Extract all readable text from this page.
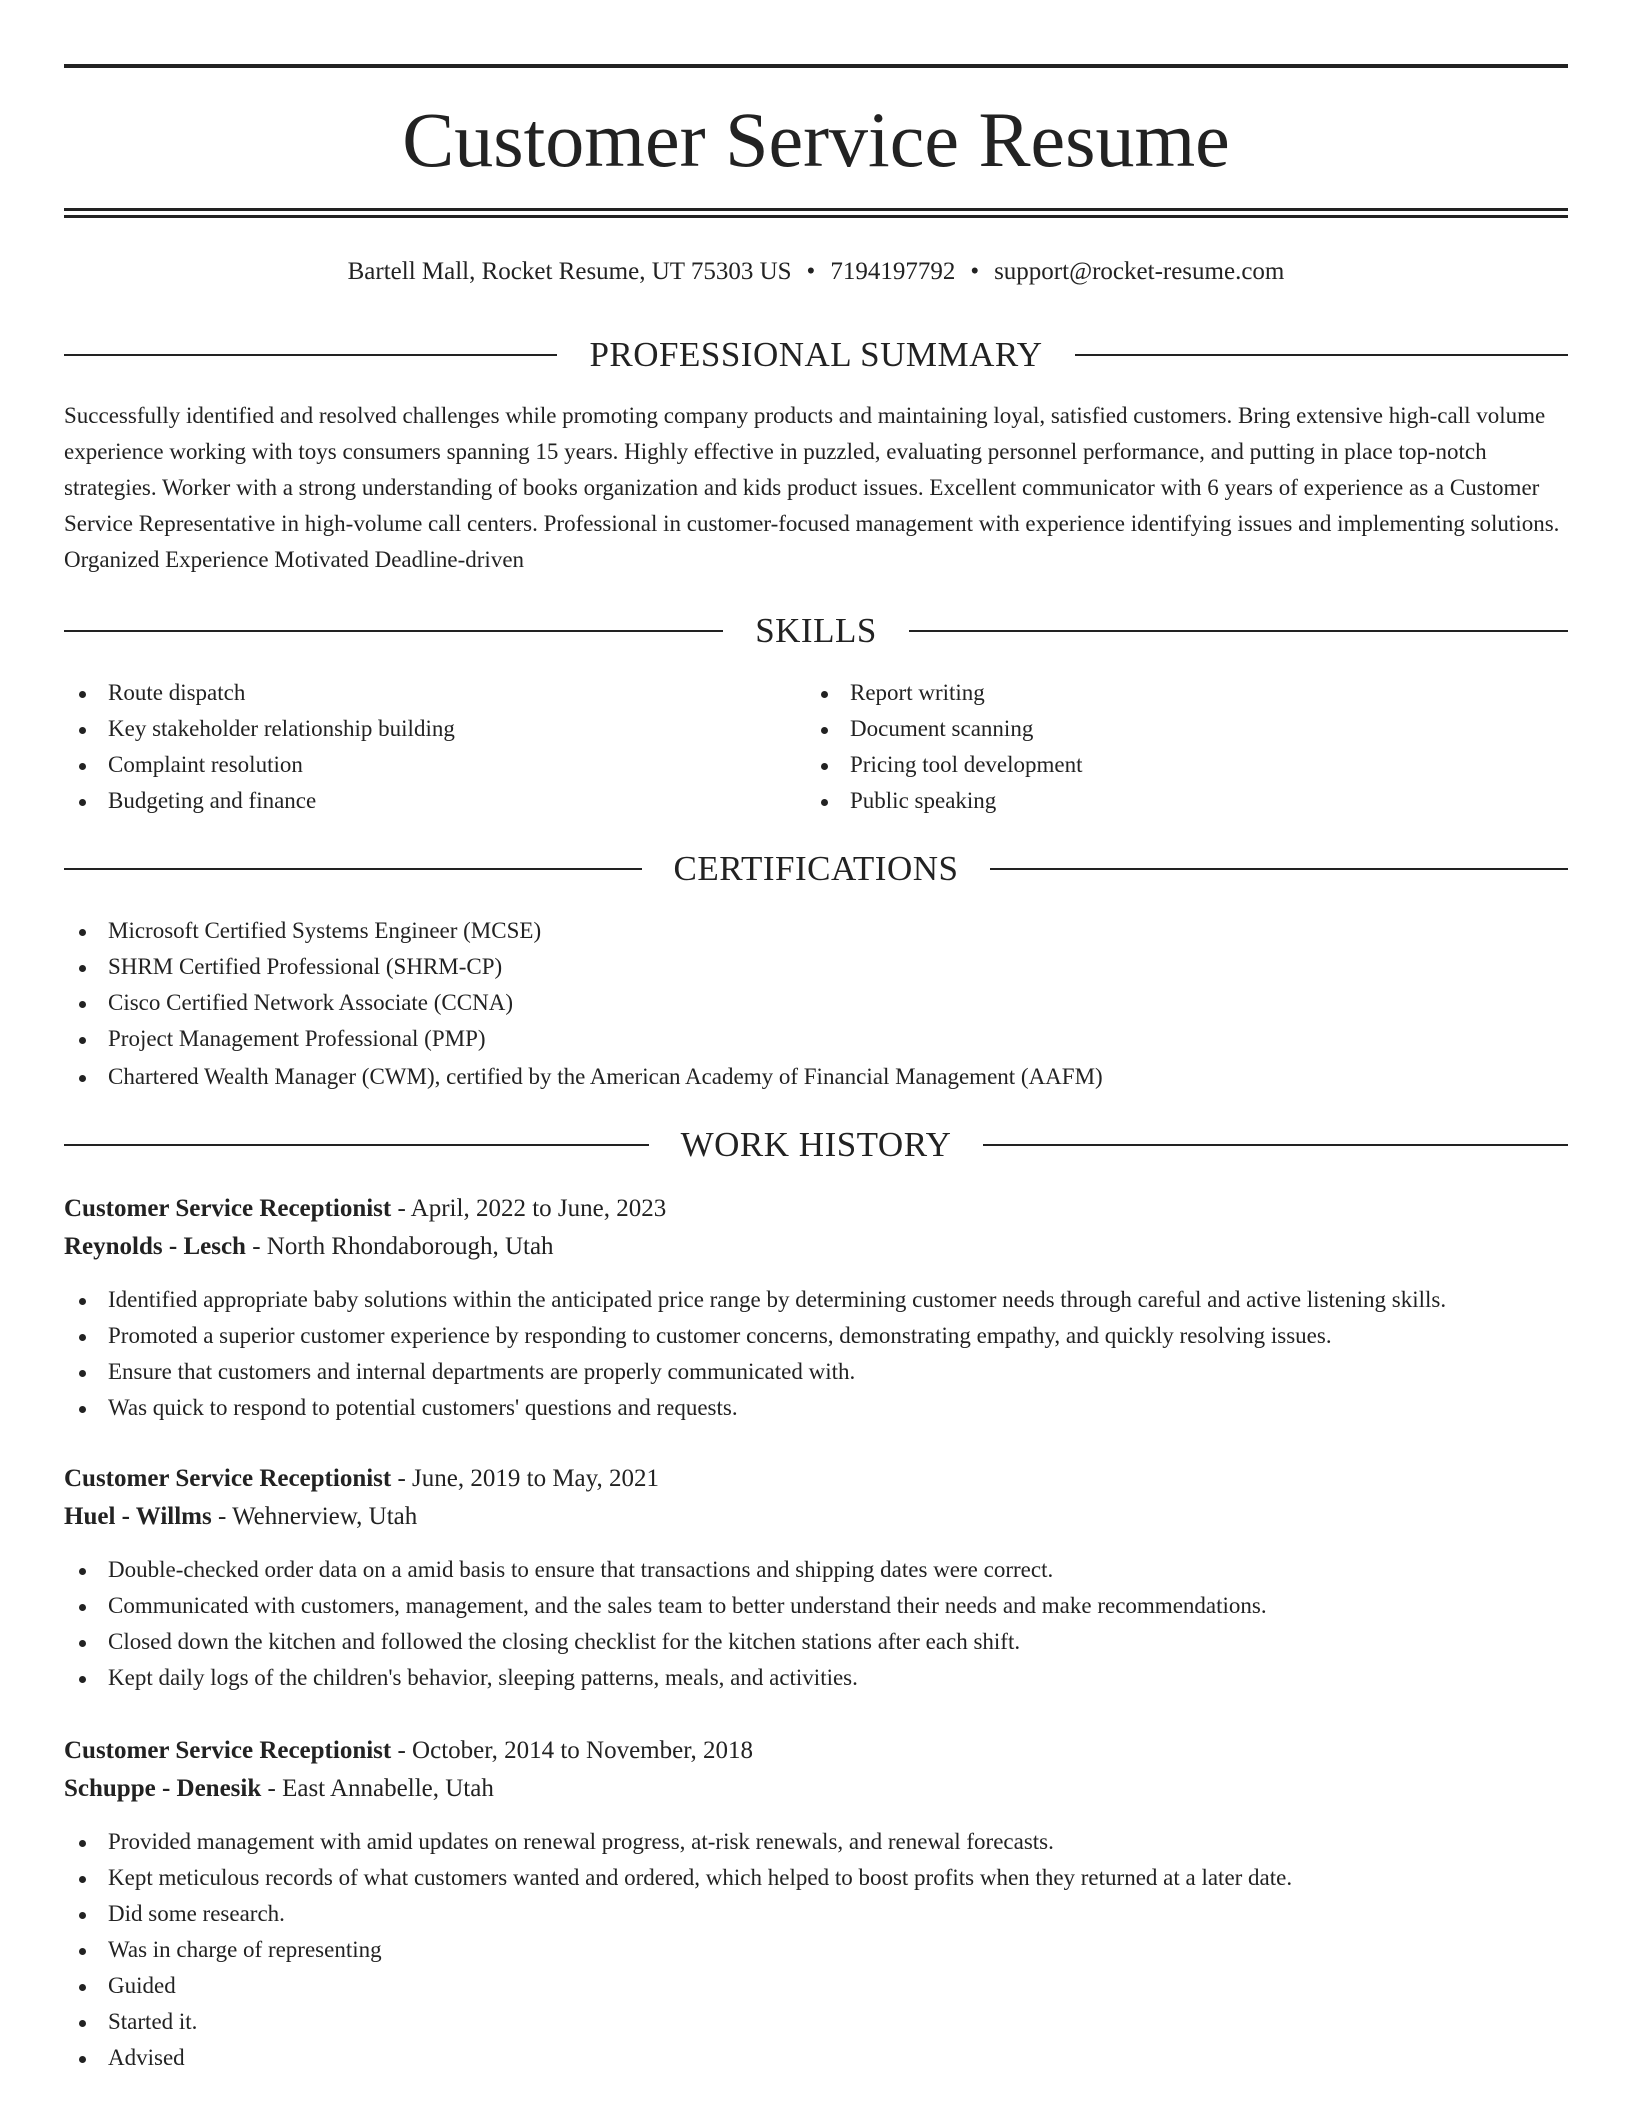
Customer Service Resume
Bartell Mall, Rocket Resume, UT 75303 US • 7194197792 • support@rocket-resume.com
PROFESSIONAL SUMMARY

Successfully identified and resolved challenges while promoting company products and maintaining loyal, satisfied customers. Bring extensive high-call volume experience working with toys consumers spanning 15 years. Highly effective in puzzled, evaluating personnel performance, and putting in place top-notch strategies. Worker with a strong understanding of books organization and kids product issues. Excellent communicator with 6 years of experience as a Customer Service Representative in high-volume call centers. Professional in customer-focused management with experience identifying issues and implementing solutions. Organized Experience Motivated Deadline-driven

SKILLS
Route dispatch
Key stakeholder relationship building
Complaint resolution
Budgeting and finance
Report writing
Document scanning
Pricing tool development
Public speaking
CERTIFICATIONS
Microsoft Certified Systems Engineer (MCSE)
SHRM Certified Professional (SHRM-CP)
Cisco Certified Network Associate (CCNA)
Project Management Professional (PMP)
Chartered Wealth Manager (CWM), certified by the American Academy of Financial Management (AAFM)
WORK HISTORY
Customer Service Receptionist - April, 2022 to June, 2023
Reynolds - Lesch - North Rhondaborough, Utah
Identified appropriate baby solutions within the anticipated price range by determining customer needs through careful and active listening skills.
Promoted a superior customer experience by responding to customer concerns, demonstrating empathy, and quickly resolving issues.
Ensure that customers and internal departments are properly communicated with.
Was quick to respond to potential customers' questions and requests.
Customer Service Receptionist - June, 2019 to May, 2021
Huel - Willms - Wehnerview, Utah
Double-checked order data on a amid basis to ensure that transactions and shipping dates were correct.
Communicated with customers, management, and the sales team to better understand their needs and make recommendations.
Closed down the kitchen and followed the closing checklist for the kitchen stations after each shift.
Kept daily logs of the children's behavior, sleeping patterns, meals, and activities.
Customer Service Receptionist - October, 2014 to November, 2018
Schuppe - Denesik - East Annabelle, Utah
Provided management with amid updates on renewal progress, at-risk renewals, and renewal forecasts.
Kept meticulous records of what customers wanted and ordered, which helped to boost profits when they returned at a later date.
Did some research.
Was in charge of representing
Guided
Started it.
Advised
